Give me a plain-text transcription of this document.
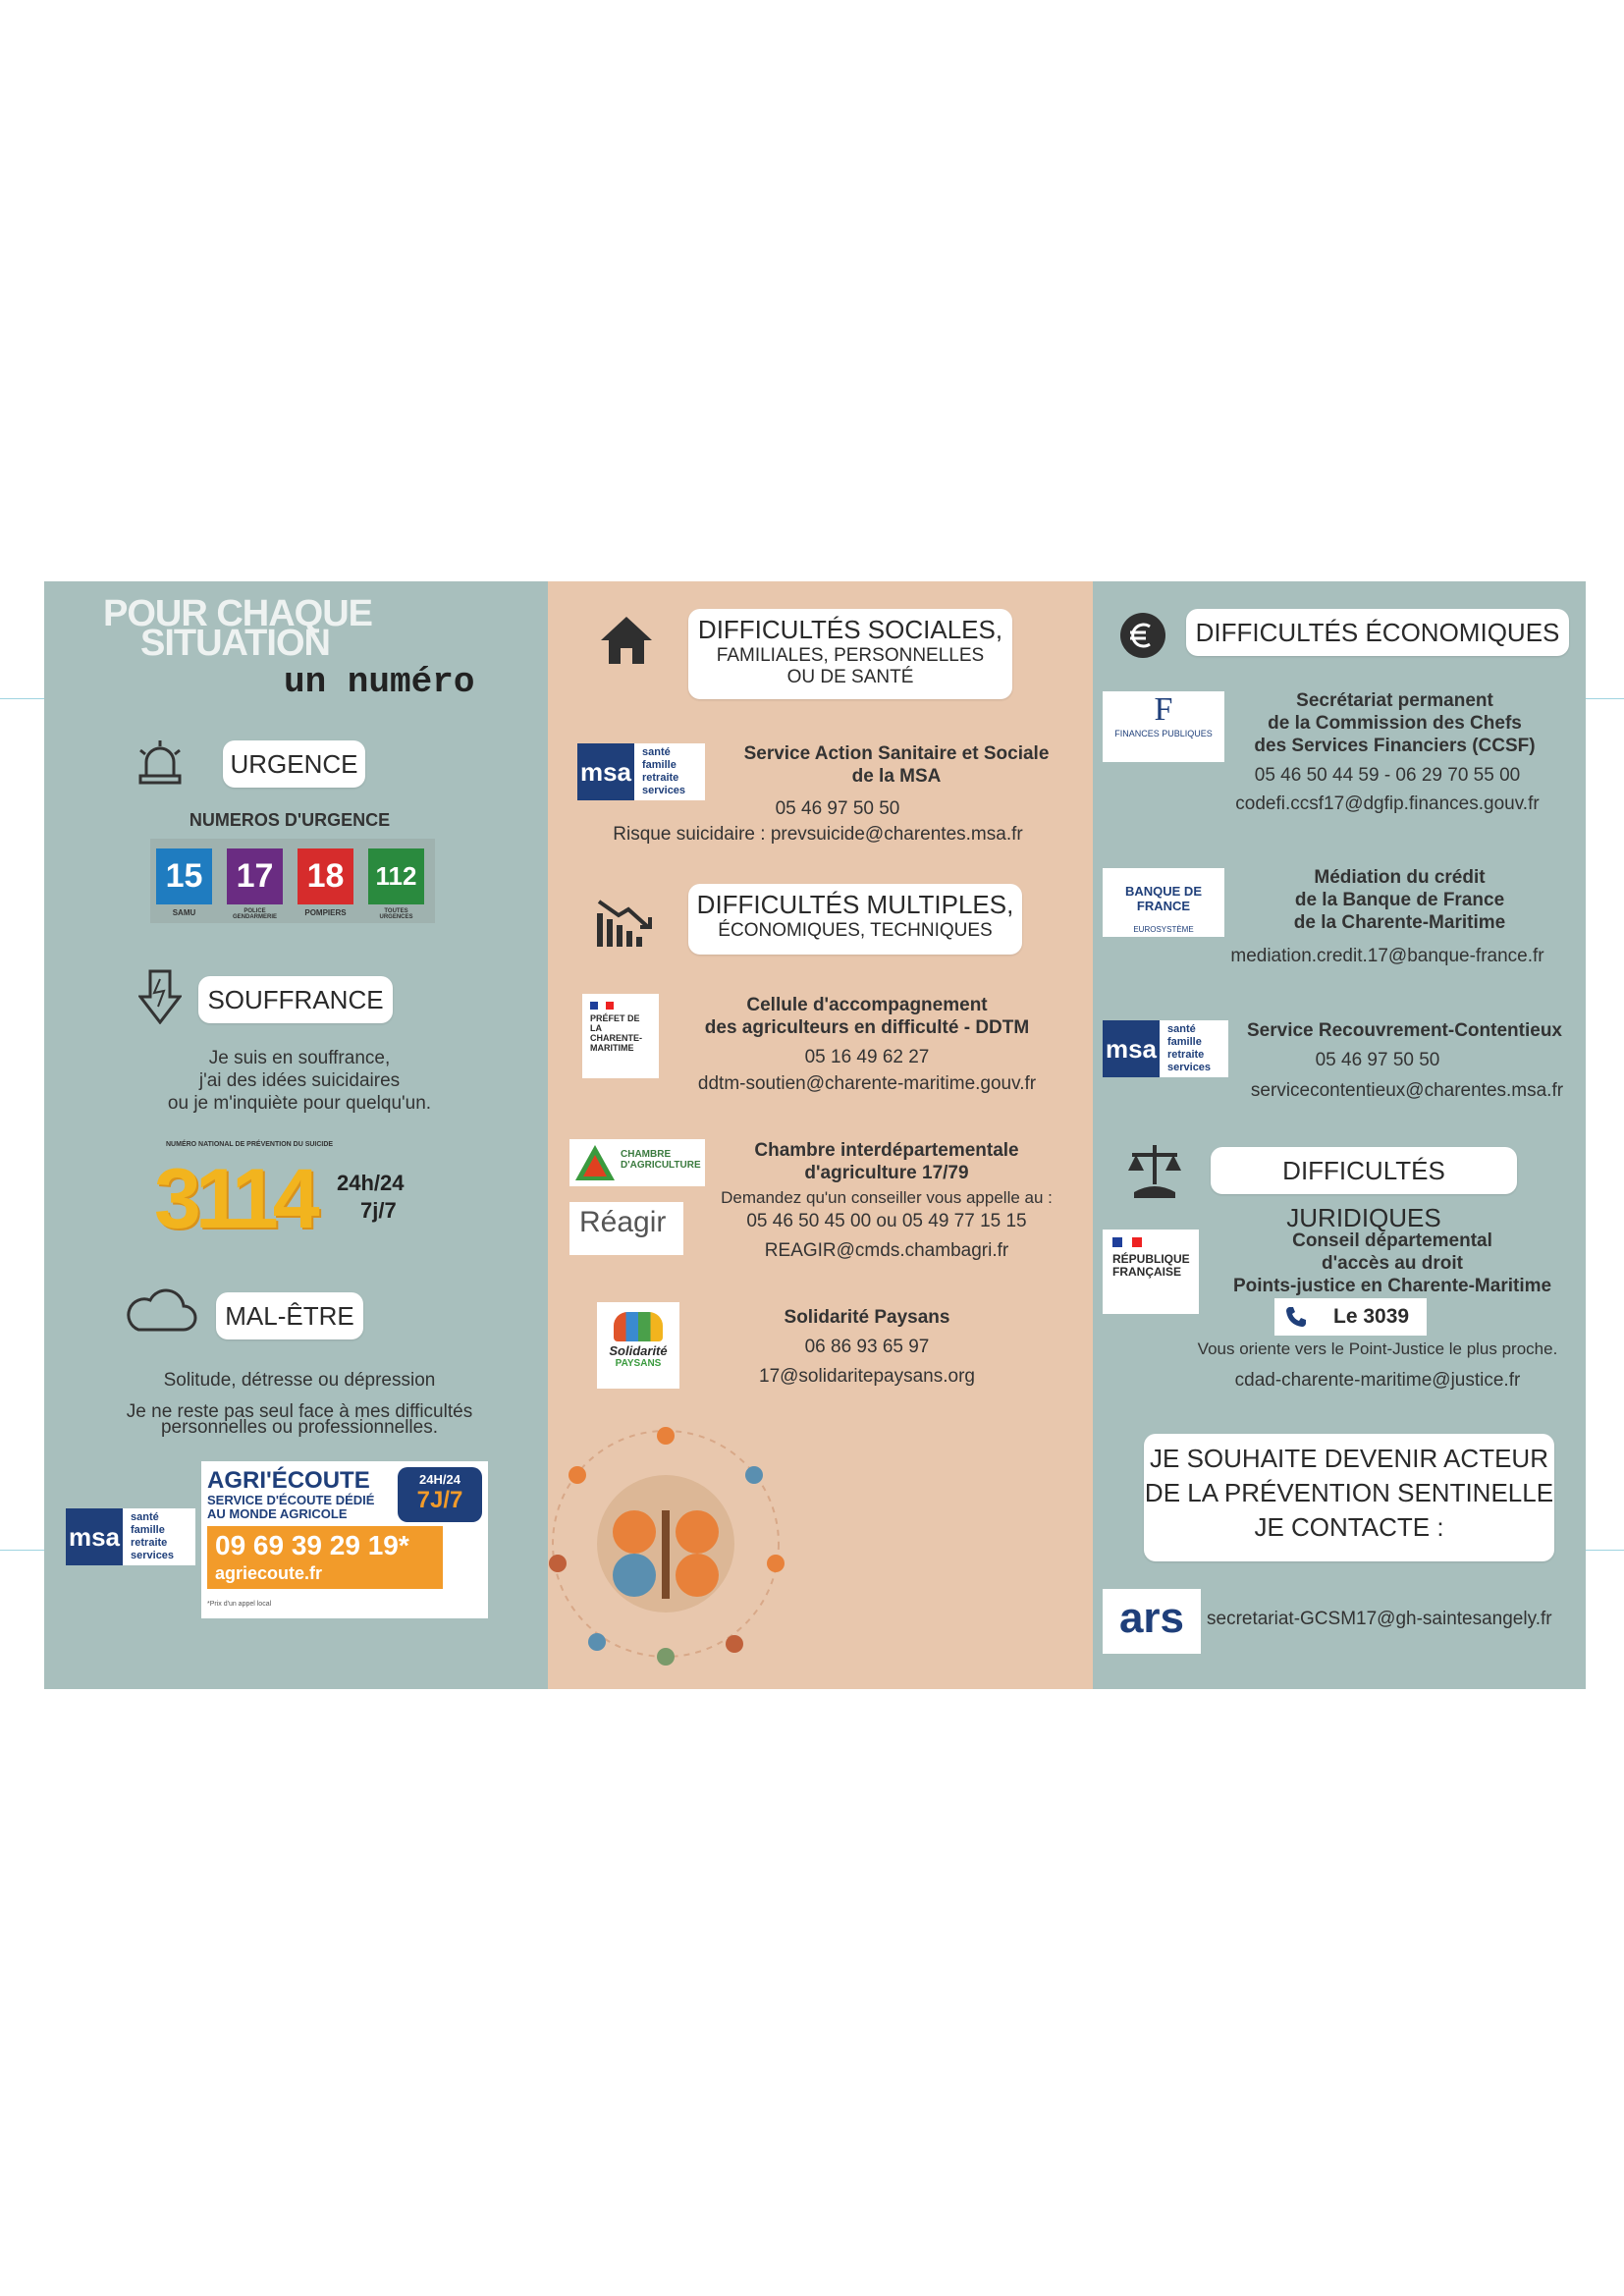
POUR CHAQUE
SITUATION
un numéro
URGENCE
NUMEROS D'URGENCE
15 17 18	112
SAMU	POLICE GENDARMERIE	POMPIERS	TOUTES URGENCES
SOUFFRANCE
Je suis en souffrance,
j'ai des idées suicidaires
ou je m'inquiète pour quelqu'un.
NUMÉRO NATIONAL DE PRÉVENTION DU SUICIDE
3114 24h/24
7j/7
MAL-ÊTRE
Solitude, détresse ou dépression
Je ne reste pas seul face à mes difficultés
personnelles ou professionnelles.
msa
santé
famille
retraite
services
AGRI'ÉCOUTE
SERVICE D'ÉCOUTE DÉDIÉ
AU MONDE AGRICOLE
24H/24
7J/7
09 69 39 29 19*
agriecoute.fr
*Prix d'un appel local
DIFFICULTÉS SOCIALES,
FAMILIALES, PERSONNELLES
OU DE SANTÉ
msa
santé
famille
retraite
services
Service Action Sanitaire et Sociale
de la MSA
05 46 97 50 50
Risque suicidaire : prevsuicide@charentes.msa.fr
DIFFICULTÉS MULTIPLES,
ÉCONOMIQUES, TECHNIQUES
PRÉFET DE LA CHARENTE-MARITIME
Cellule d'accompagnement
des agriculteurs en difficulté - DDTM
05 16 49 62 27
ddtm-soutien@charente-maritime.gouv.fr
CHAMBRE D'AGRICULTURE
Réagir
Chambre interdépartementale
d'agriculture 17/79
Demandez qu'un conseiller vous appelle au :
05 46 50 45 00 ou 05 49 77 15 15
REAGIR@cmds.chambagri.fr
Solidarité
PAYSANS
Solidarité Paysans
06 86 93 65 97
17@solidaritepaysans.org
DIFFICULTÉS ÉCONOMIQUES
F
FINANCES PUBLIQUES
Secrétariat permanent
de la Commission des Chefs
des Services Financiers (CCSF)
05 46 50 44 59 - 06 29 70 55 00
codefi.ccsf17@dgfip.finances.gouv.fr
BANQUE DE FRANCE
EUROSYSTÈME
Médiation du crédit
de la Banque de France
de la Charente-Maritime
mediation.credit.17@banque-france.fr
msa
santé
famille
retraite
services
Service Recouvrement-Contentieux
05 46 97 50 50
servicecontentieux@charentes.msa.fr
DIFFICULTÉS JURIDIQUES
RÉPUBLIQUE FRANÇAISE
Conseil départemental
d'accès au droit
Points-justice en Charente-Maritime
Le 3039
Vous oriente vers le Point-Justice le plus proche.
cdad-charente-maritime@justice.fr
JE SOUHAITE DEVENIR ACTEUR
DE LA PRÉVENTION SENTINELLE
JE CONTACTE :
ars	secretariat-GCSM17@gh-saintesangely.fr
